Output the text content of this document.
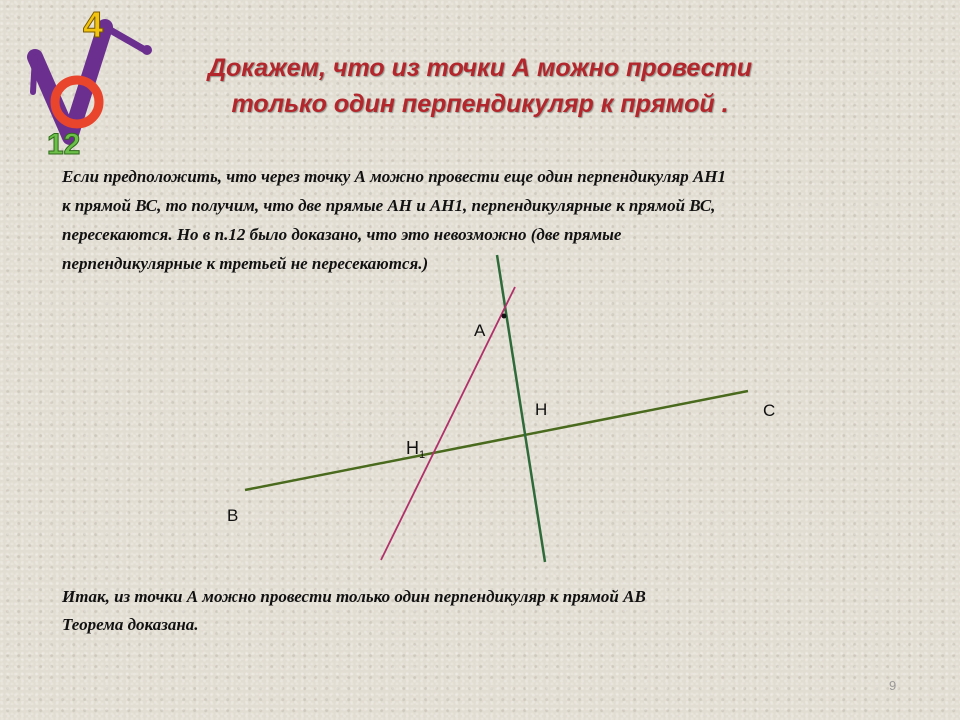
4
12
Докажем, что из точки А можно провести
только один перпендикуляр к прямой .
Если предположить, что через точку А можно провести еще один перпендикуляр АН1
к прямой ВС, то получим, что две прямые АН и АН1, перпендикулярные к прямой ВС,
пересекаются. Но в п.12 было доказано, что это невозможно (две прямые
перпендикулярные к третьей не пересекаются.)
А
Н	С
В
$Н_1$
Итак, из точки А можно провести только один перпендикуляр к прямой АВ
Теорема доказана.
9
